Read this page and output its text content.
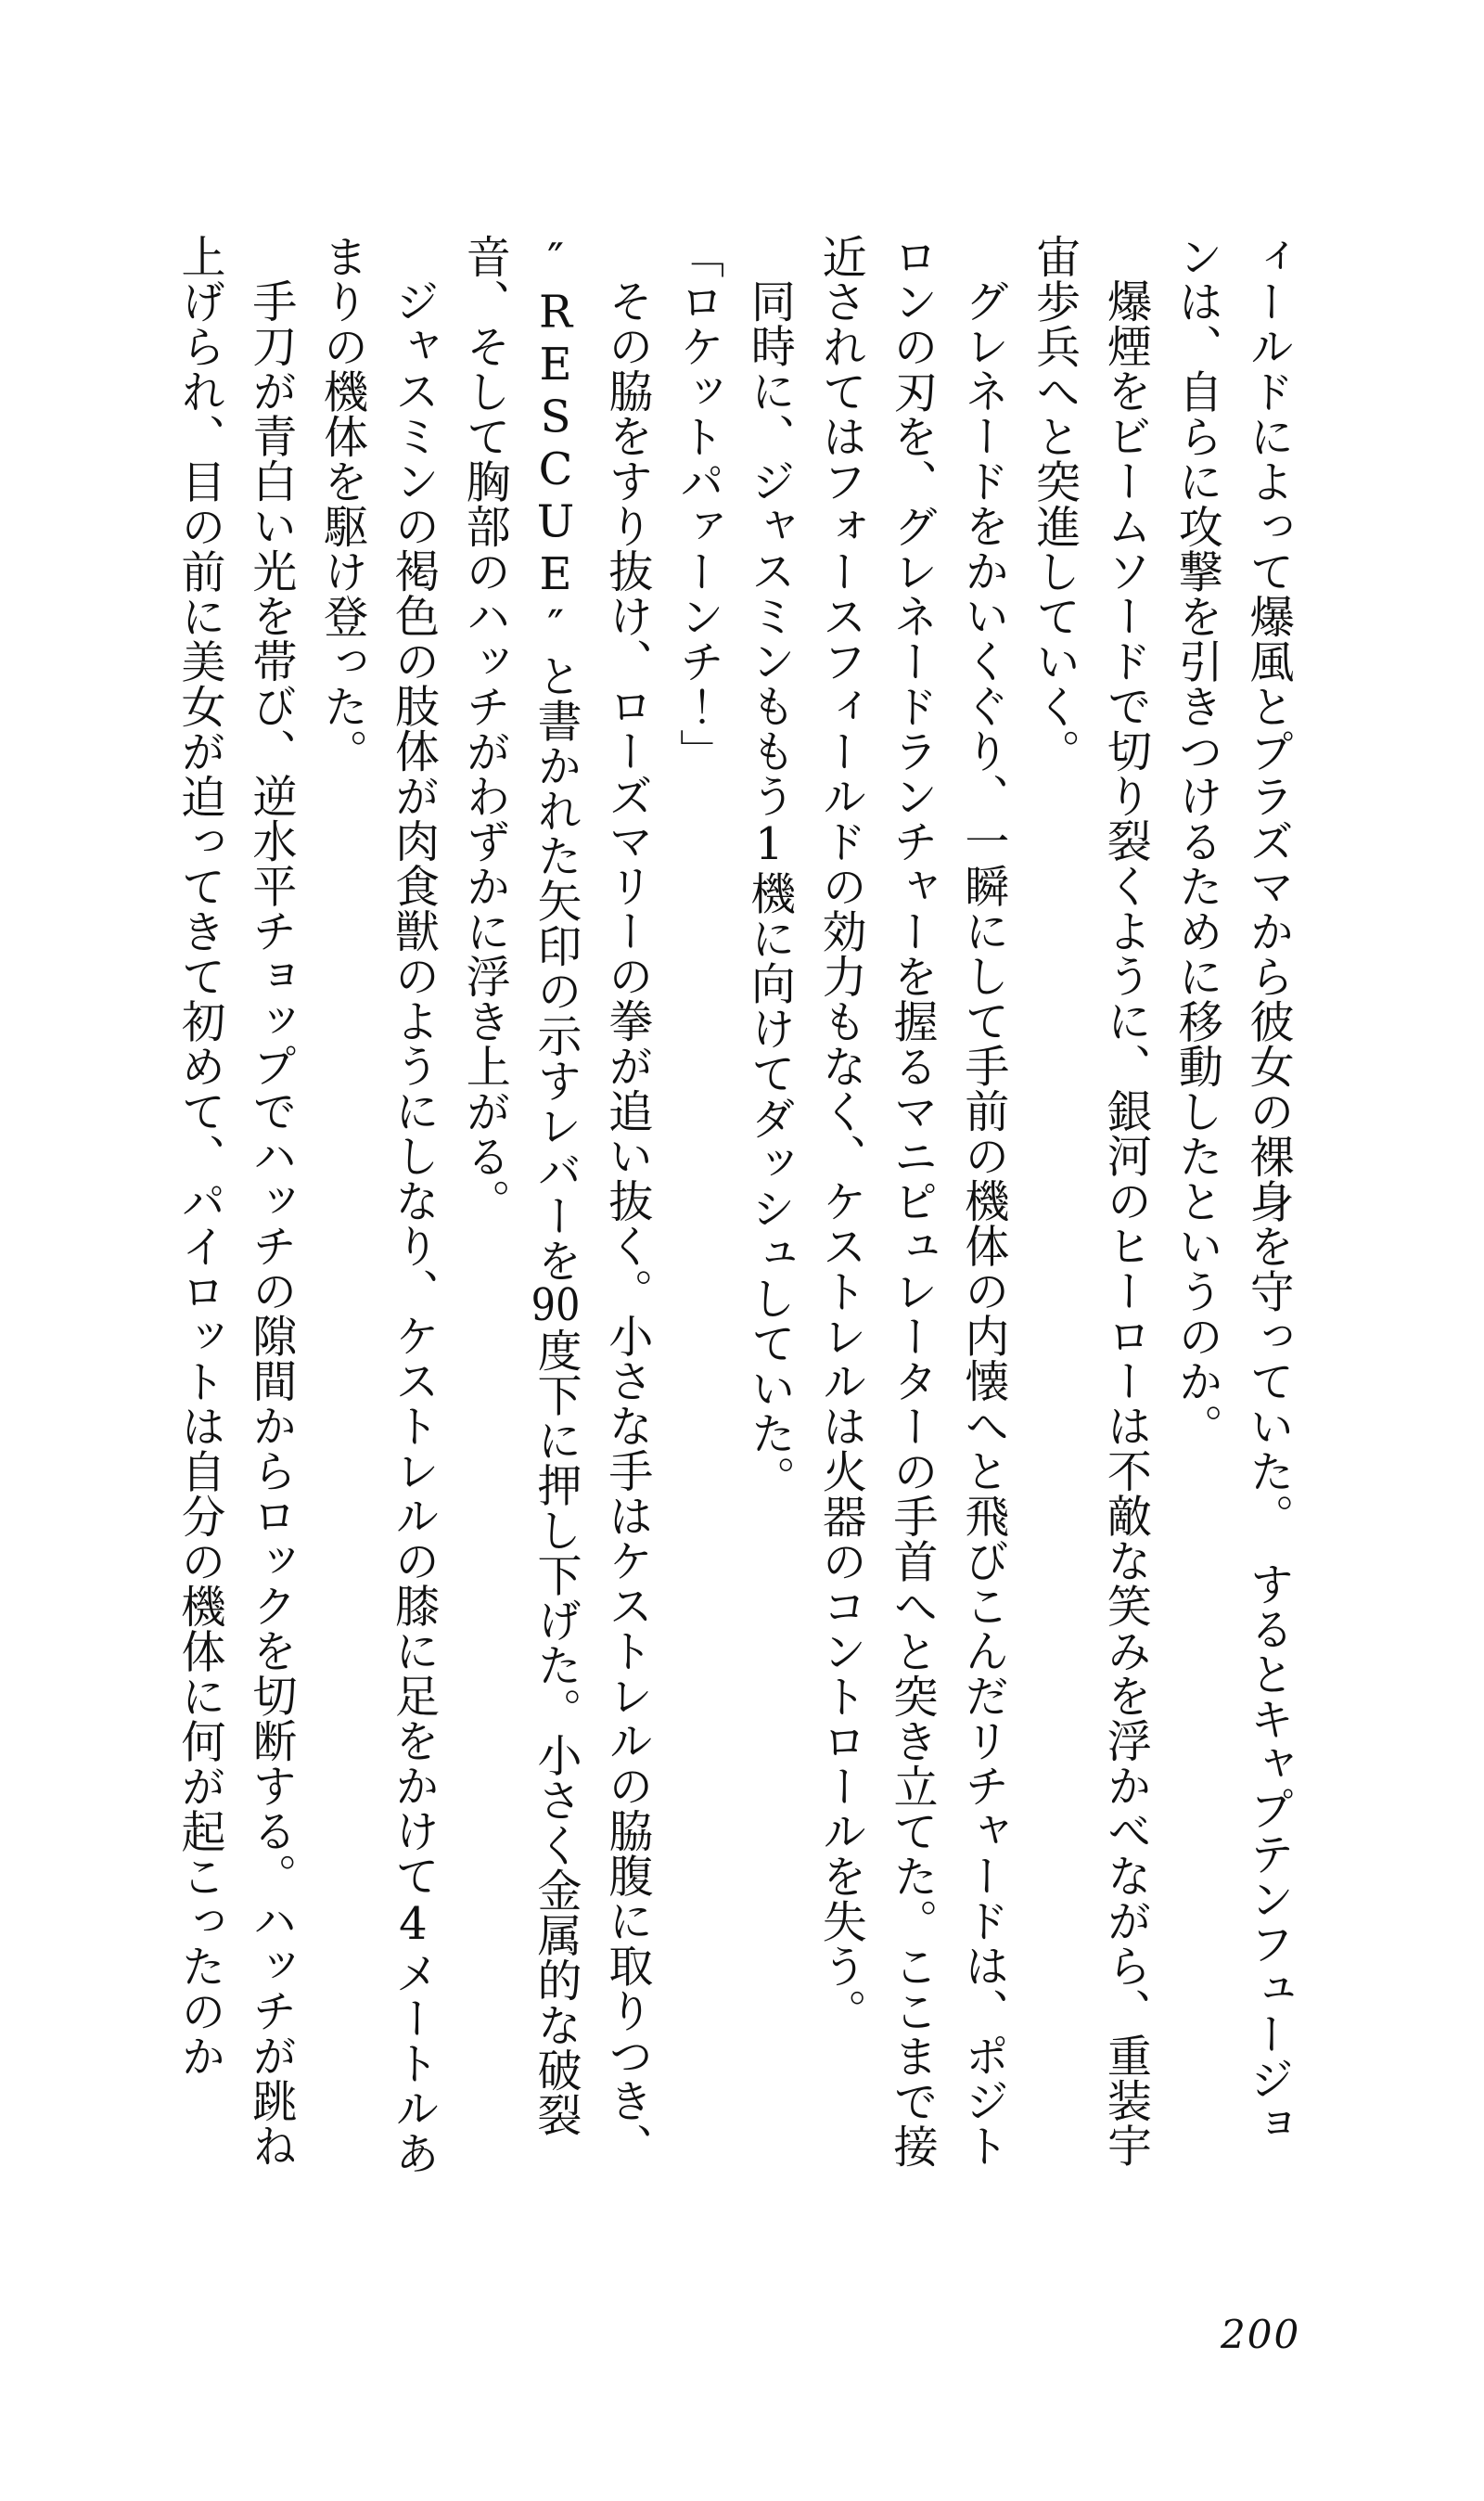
ィールドによって爆風とプラズマから彼女の裸身を守っていた。　するとキャプテンフュージョンは、自らに攻撃を引きつけるために移動したというのか。

爆煙をビームソードで切り裂くように、銀河のヒーローは不敵な笑みを浮かべながら、重装宇宙歩兵へと突進していく。

グレネードをかいくぐり、一瞬にして手前の機体の内懐へと飛びこんだリチャードは、ポジトロンの刃を、グレネードランチャーを握るマニピュレーターの手首へと突き立てた。ここまで接近されてはフォースフィールドの効力もなく、ケストレルは火器のコントロールを失う。

同時に、ジャスミンももう1機に向けてダッシュしていた。

「ロケットパァーンチ！」

その脇をすり抜け、ローズマリーの拳が追い抜く。小さな手はケストレルの脇腹に取りつき、″RESCUE″と書かれた矢印の示すレバーを90度下に押し下げた。小さく金属的な破裂音、そして胸部のハッチがわずかに浮き上がる。

ジャスミンの褐色の肢体が肉食獣のようにしなり、ケストレルの膝に足をかけて4メートルあまりの機体を駆け登った。

手刀が青白い光を帯び、逆水平チョップでハッチの隙間からロックを切断する。ハッチが跳ね上げられ、目の前に美女が迫ってきて初めて、パイロットは自分の機体に何が起こったのか

200
